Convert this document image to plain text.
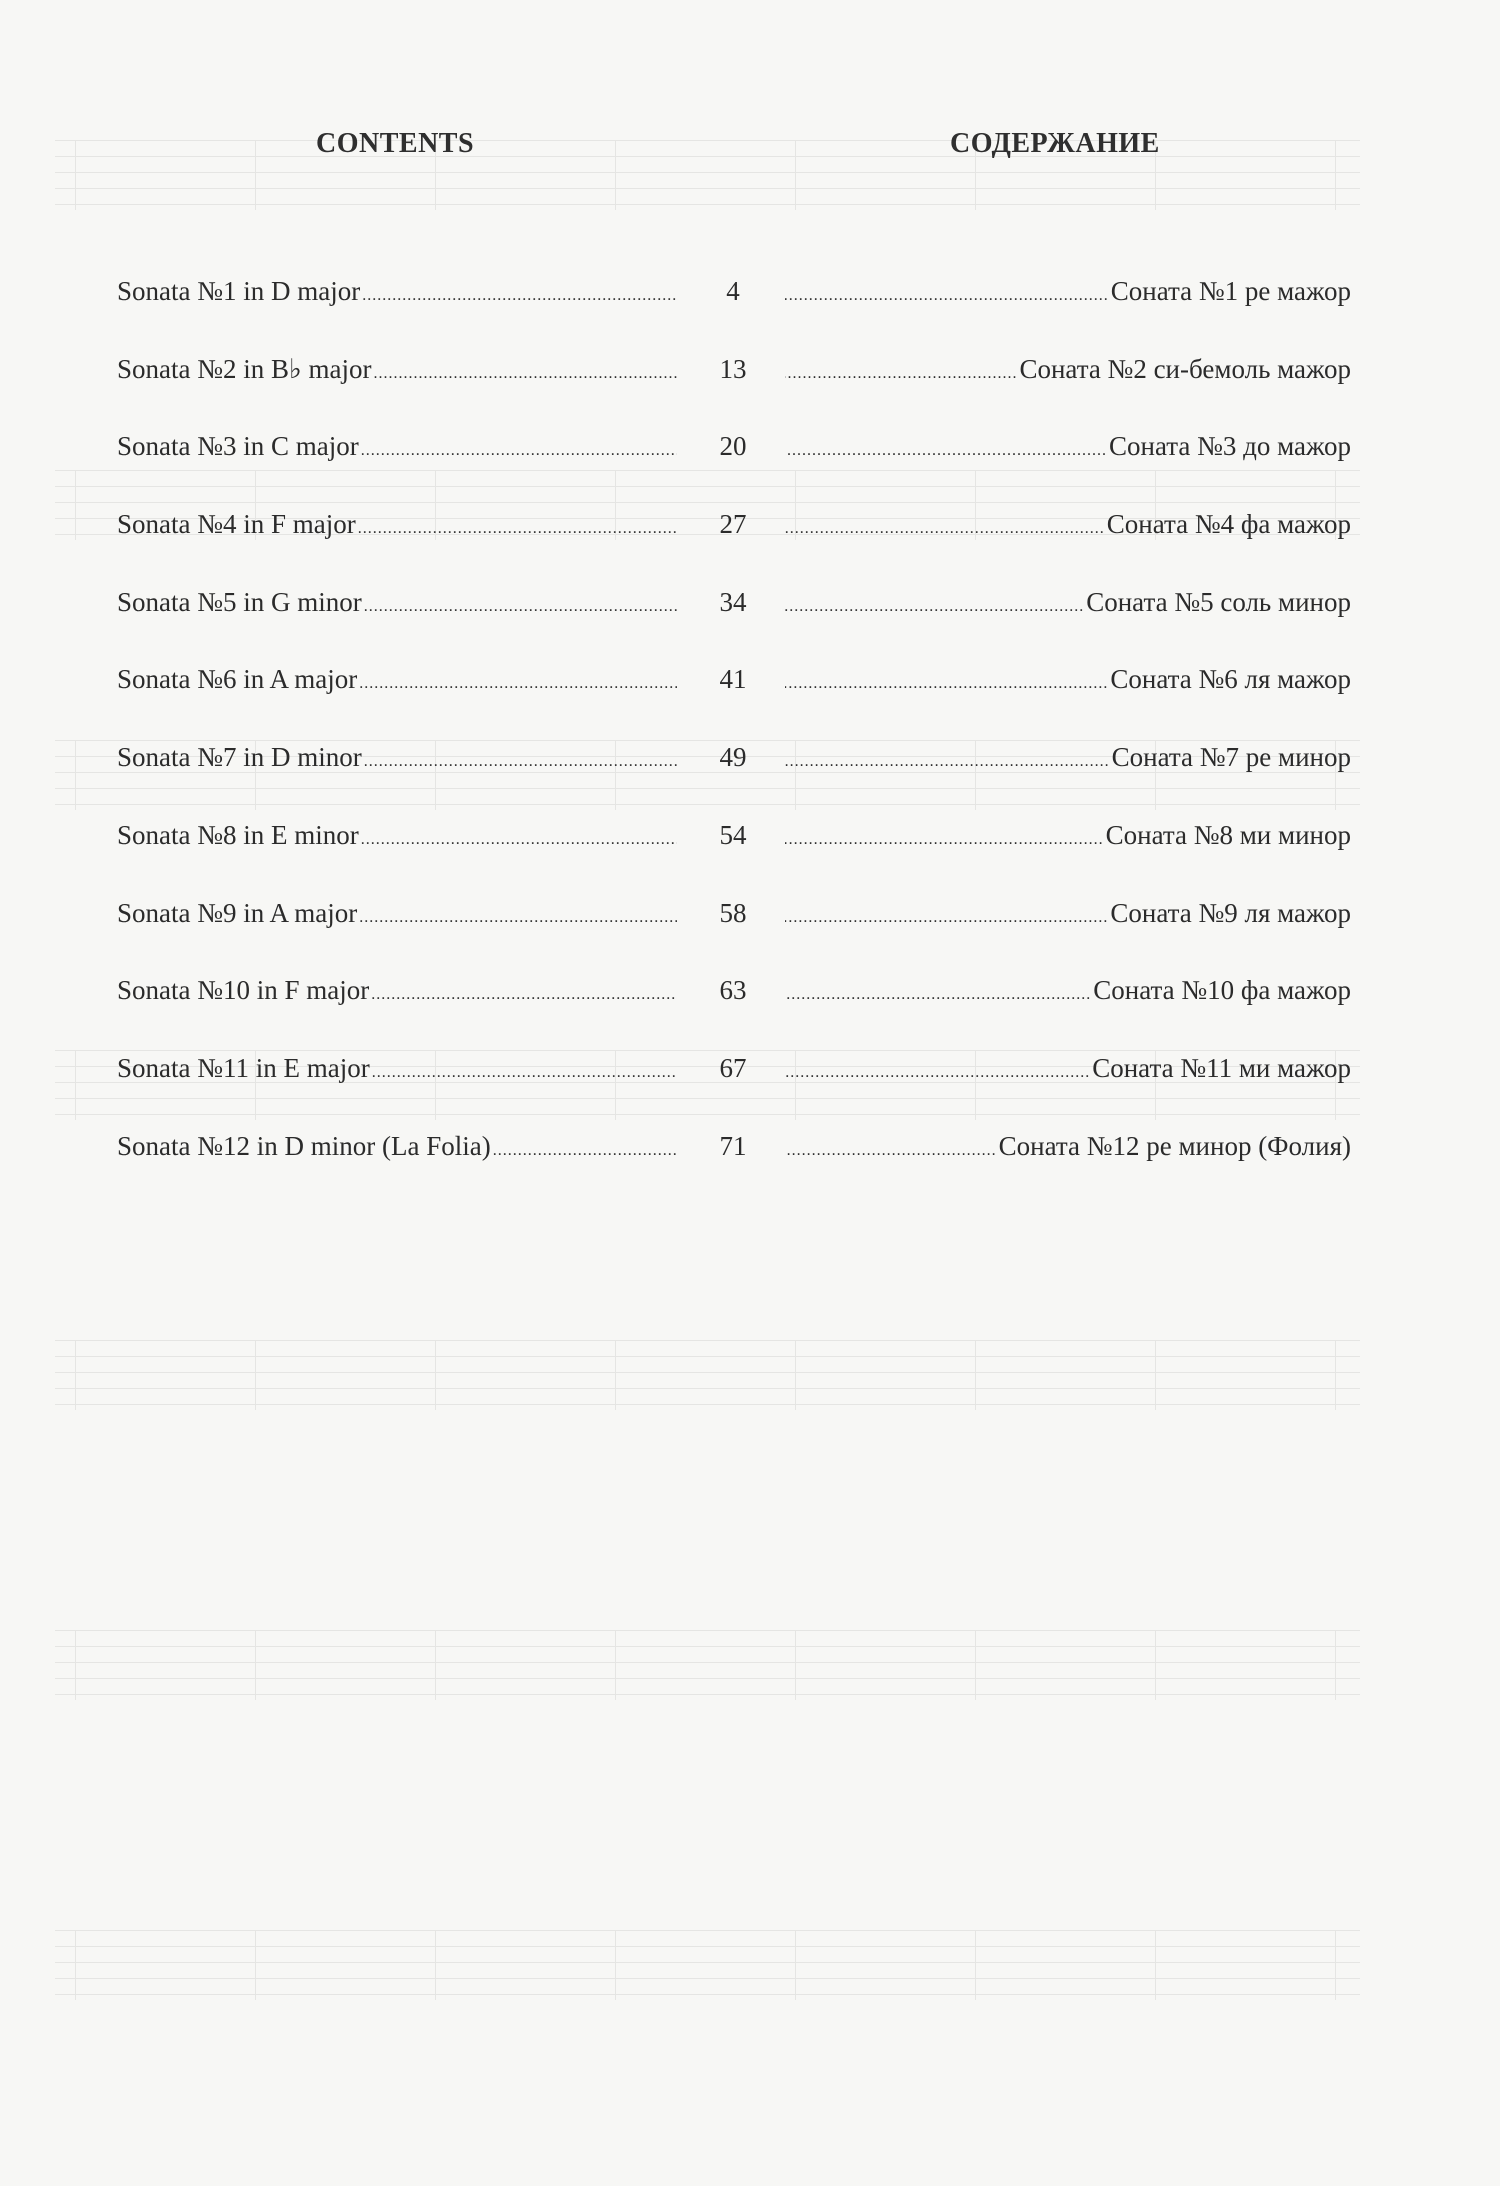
CONTENTS	СОДЕРЖАНИЕ
Sonata №1 in D major .....	4 .....	Соната №1 ре мажор
Sonata №2 in B♭ major .....	13 .....	Соната №2 си-бемоль мажор
Sonata №3 in C major .....	20 .....	Соната №3 до мажор
Sonata №4 in F major .....	27 .....	Соната №4 фа мажор
Sonata №5 in G minor .....	34 .....	Соната №5 соль минор
Sonata №6 in A major .....	41 .....	Соната №6 ля мажор
Sonata №7 in D minor .....	49 .....	Соната №7 ре минор
Sonata №8 in E minor .....	54 .....	Соната №8 ми минор
Sonata №9 in A major .....	58 .....	Соната №9 ля мажор
Sonata №10 in F major .....	63 .....	Соната №10 фа мажор
Sonata №11 in E major .....	67 .....	Соната №11 ми мажор
Sonata №12 in D minor (La Folia) .....	71 .....	Соната №12 ре минор (Фолия)
